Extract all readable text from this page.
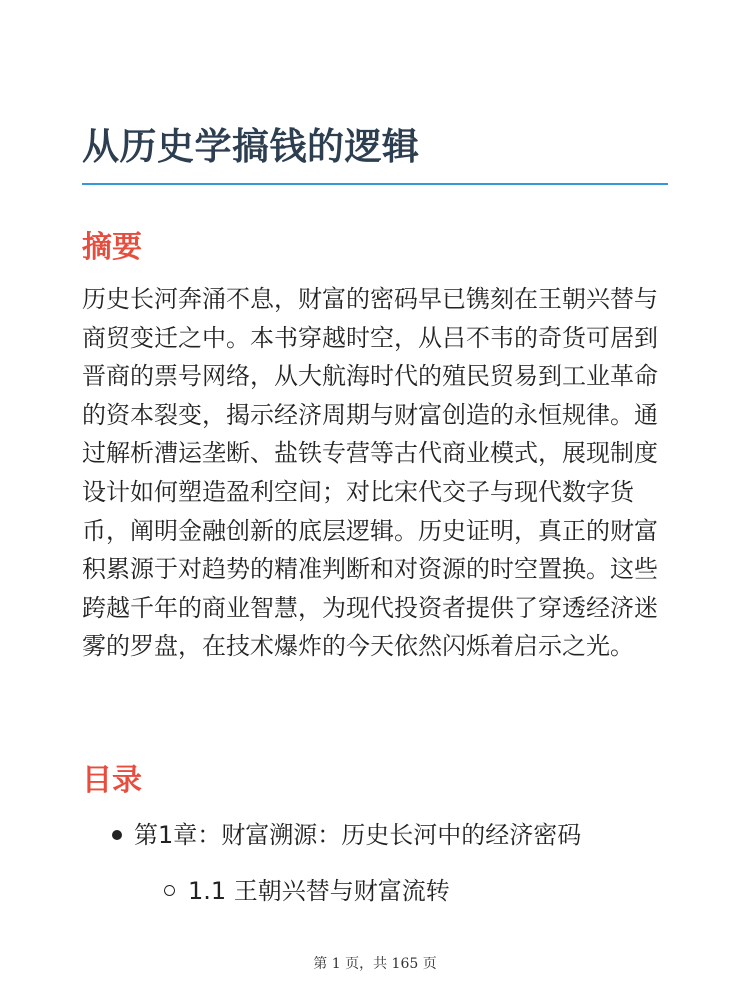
从历史学搞钱的逻辑
摘要

历史长河奔涌不息，财富的密码早已镌刻在王朝兴替与商贸变迁之中。本书穿越时空，从吕不韦的奇货可居到晋商的票号网络，从大航海时代的殖民贸易到工业革命的资本裂变，揭示经济周期与财富创造的永恒规律。通过解析漕运垄断、盐铁专营等古代商业模式，展现制度设计如何塑造盈利空间；对比宋代交子与现代数字货币，阐明金融创新的底层逻辑。历史证明，真正的财富积累源于对趋势的精准判断和对资源的时空置换。这些跨越千年的商业智慧，为现代投资者提供了穿透经济迷雾的罗盘，在技术爆炸的今天依然闪烁着启示之光。

目录
第1章：财富溯源：历史长河中的经济密码
1.1 王朝兴替与财富流转
第 1 页，共 165 页
